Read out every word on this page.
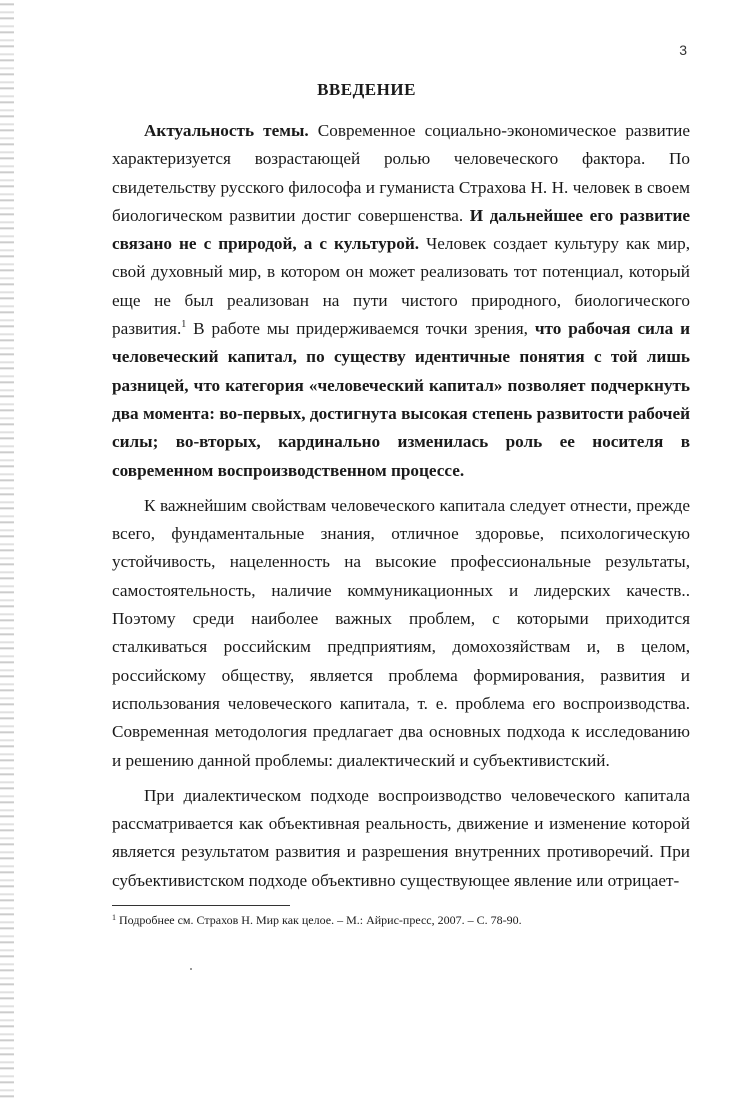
3
ВВЕДЕНИЕ

Актуальность темы. Современное социально-экономическое развитие характеризуется возрастающей ролью человеческого фактора. По свидетельству русского философа и гуманиста Страхова Н. Н. человек в своем биологическом развитии достиг совершенства. И дальнейшее его развитие связано не с природой, а с культурой. Человек создает культуру как мир, свой духовный мир, в котором он может реализовать тот потенциал, который еще не был реализован на пути чистого природного, биологического развития.$^1$ В работе мы придерживаемся точки зрения, что рабочая сила и человеческий капитал, по существу идентичные понятия с той лишь разницей, что категория «человеческий капитал» позволяет подчеркнуть два момента: во-первых, достигнута высокая степень развитости рабочей силы; во-вторых, кардинально изменилась роль ее носителя в современном воспроизводственном процессе.

К важнейшим свойствам человеческого капитала следует отнести, прежде всего, фундаментальные знания, отличное здоровье, психологическую устойчивость, нацеленность на высокие профессиональные результаты, самостоятельность, наличие коммуникационных и лидерских качеств.. Поэтому среди наиболее важных проблем, с которыми приходится сталкиваться российским предприятиям, домохозяйствам и, в целом, российскому обществу, является проблема формирования, развития и использования человеческого капитала, т. е. проблема его воспроизводства. Современная методология предлагает два основных подхода к исследованию и решению данной проблемы: диалектический и субъективистский.

При диалектическом подходе воспроизводство человеческого капитала рассматривается как объективная реальность, движение и изменение которой является результатом развития и разрешения внутренних противоречий. При субъективистском подходе объективно существующее явление или отрицает-

$^1$ Подробнее см. Страхов Н. Мир как целое. – М.: Айрис-пресс, 2007. – С. 78-90.
